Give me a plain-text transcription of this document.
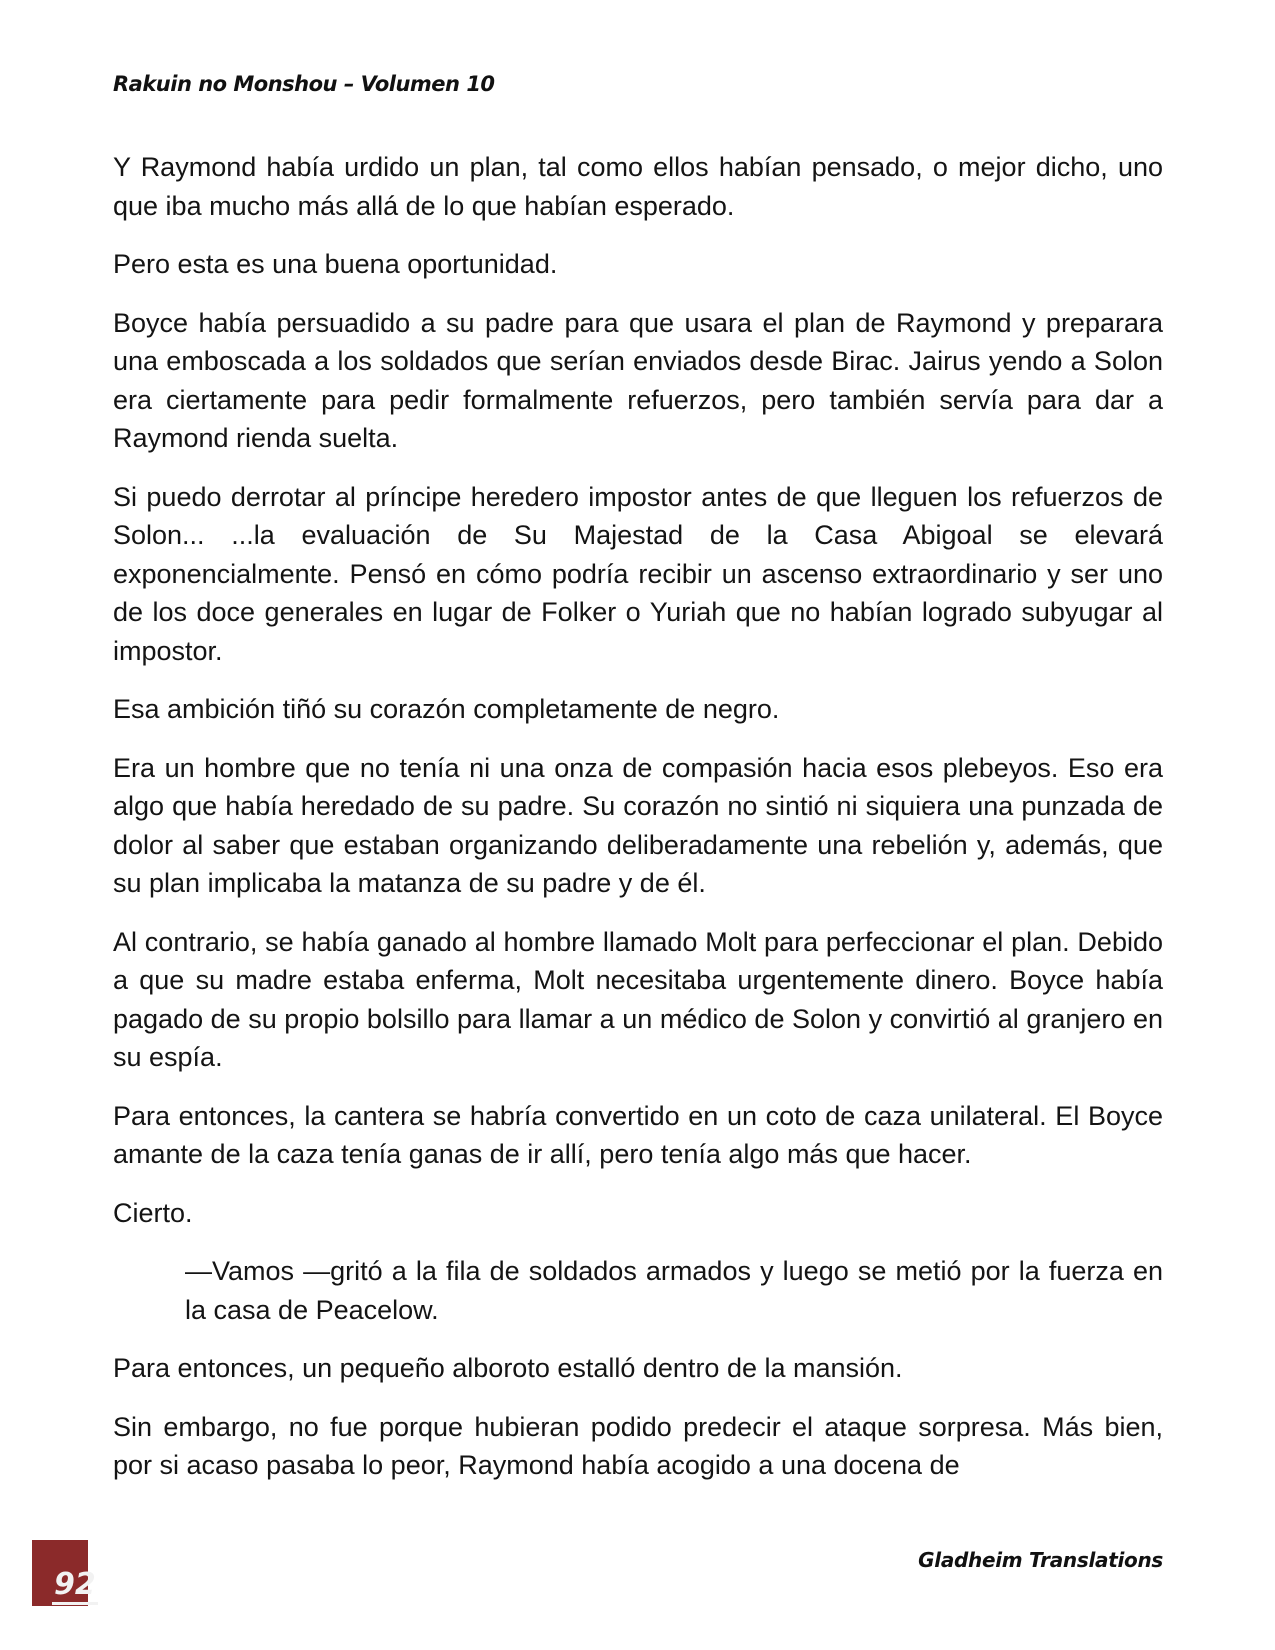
Rakuin no Monshou – Volumen 10

Y Raymond había urdido un plan, tal como ellos habían pensado, o mejor dicho, uno que iba mucho más allá de lo que habían esperado.

Pero esta es una buena oportunidad.

Boyce había persuadido a su padre para que usara el plan de Raymond y preparara una emboscada a los soldados que serían enviados desde Birac. Jairus yendo a Solon era ciertamente para pedir formalmente refuerzos, pero también servía para dar a Raymond rienda suelta.

Si puedo derrotar al príncipe heredero impostor antes de que lleguen los refuerzos de Solon... ...la evaluación de Su Majestad de la Casa Abigoal se elevará exponencialmente. Pensó en cómo podría recibir un ascenso extraordinario y ser uno de los doce generales en lugar de Folker o Yuriah que no habían logrado subyugar al impostor.

Esa ambición tiñó su corazón completamente de negro.

Era un hombre que no tenía ni una onza de compasión hacia esos plebeyos. Eso era algo que había heredado de su padre. Su corazón no sintió ni siquiera una punzada de dolor al saber que estaban organizando deliberadamente una rebelión y, además, que su plan implicaba la matanza de su padre y de él.

Al contrario, se había ganado al hombre llamado Molt para perfeccionar el plan. Debido a que su madre estaba enferma, Molt necesitaba urgentemente dinero. Boyce había pagado de su propio bolsillo para llamar a un médico de Solon y convirtió al granjero en su espía.

Para entonces, la cantera se habría convertido en un coto de caza unilateral. El Boyce amante de la caza tenía ganas de ir allí, pero tenía algo más que hacer.

Cierto.

—Vamos —gritó a la fila de soldados armados y luego se metió por la fuerza en la casa de Peacelow.

Para entonces, un pequeño alboroto estalló dentro de la mansión.

Sin embargo, no fue porque hubieran podido predecir el ataque sorpresa. Más bien, por si acaso pasaba lo peor, Raymond había acogido a una docena de

92
Gladheim Translations
